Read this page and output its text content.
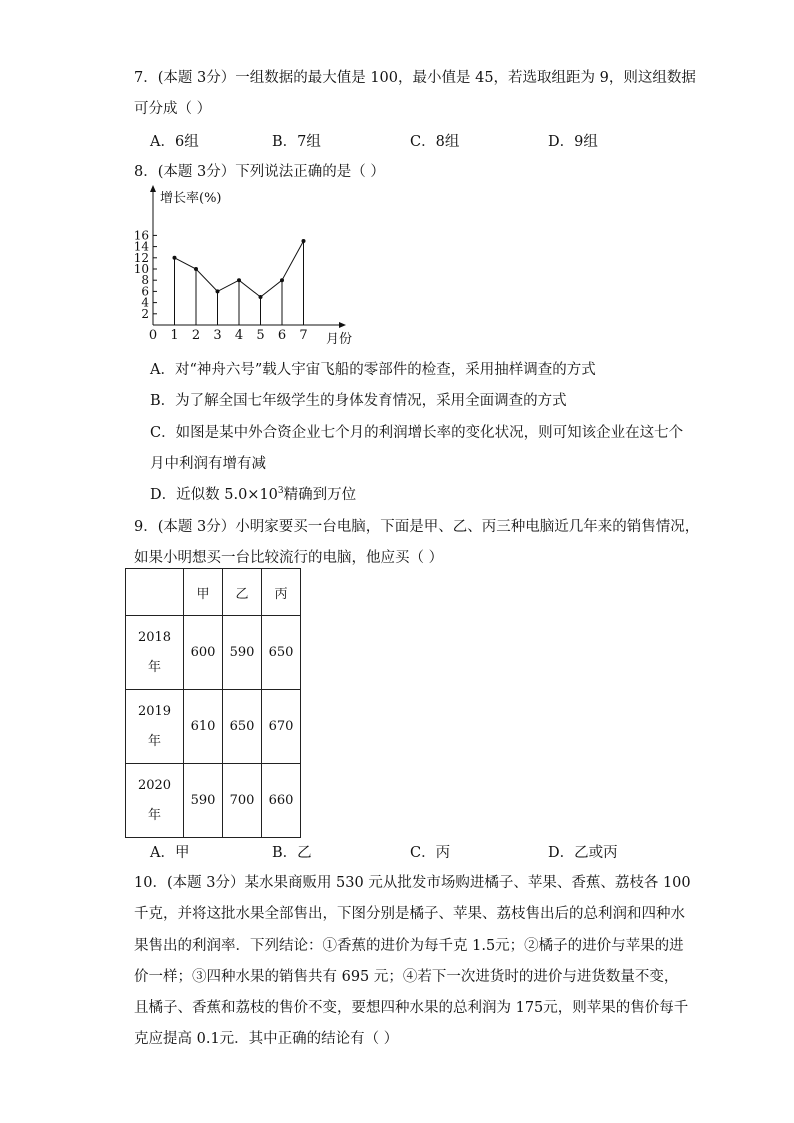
7．(本题 3分）一组数据的最大值是 100，最小值是 45，若选取组距为 9，则这组数据
可分成（ ）
A．6组	B．7组	C．8组	D．9组
8．(本题 3分）下列说法正确的是（ ）
增长率(%)
月份
0
2
4
6
8
10
12
14
16
1 2 3 4 5 6 7
A．对“神舟六号”载人宇宙飞船的零部件的检查，采用抽样调查的方式
B．为了解全国七年级学生的身体发育情况，采用全面调查的方式
C．如图是某中外合资企业七个月的利润增长率的变化状况，则可知该企业在这七个
月中利润有增有减
D．近似数 $5.0\times 10^3$精确到万位
9．(本题 3分）小明家要买一台电脑，下面是甲、乙、丙三种电脑近几年来的销售情况，
如果小明想买一台比较流行的电脑，他应买（ ）
	甲	乙	丙

2018
年	600	590	650

2019
年	610	650	670

2020
年	590	700	660
A．甲	B．乙	C．丙	D．乙或丙
10．(本题 3分）某水果商贩用 530 元从批发市场购进橘子、苹果、香蕉、荔枝各 100
千克，并将这批水果全部售出，下图分别是橘子、苹果、荔枝售出后的总利润和四种水
果售出的利润率．下列结论：①香蕉的进价为每千克 1.5元；②橘子的进价与苹果的进
价一样；③四种水果的销售共有 695 元；④若下一次进货时的进价与进货数量不变，
且橘子、香蕉和荔枝的售价不变，要想四种水果的总利润为 175元，则苹果的售价每千
克应提高 0.1元．其中正确的结论有（ ）
